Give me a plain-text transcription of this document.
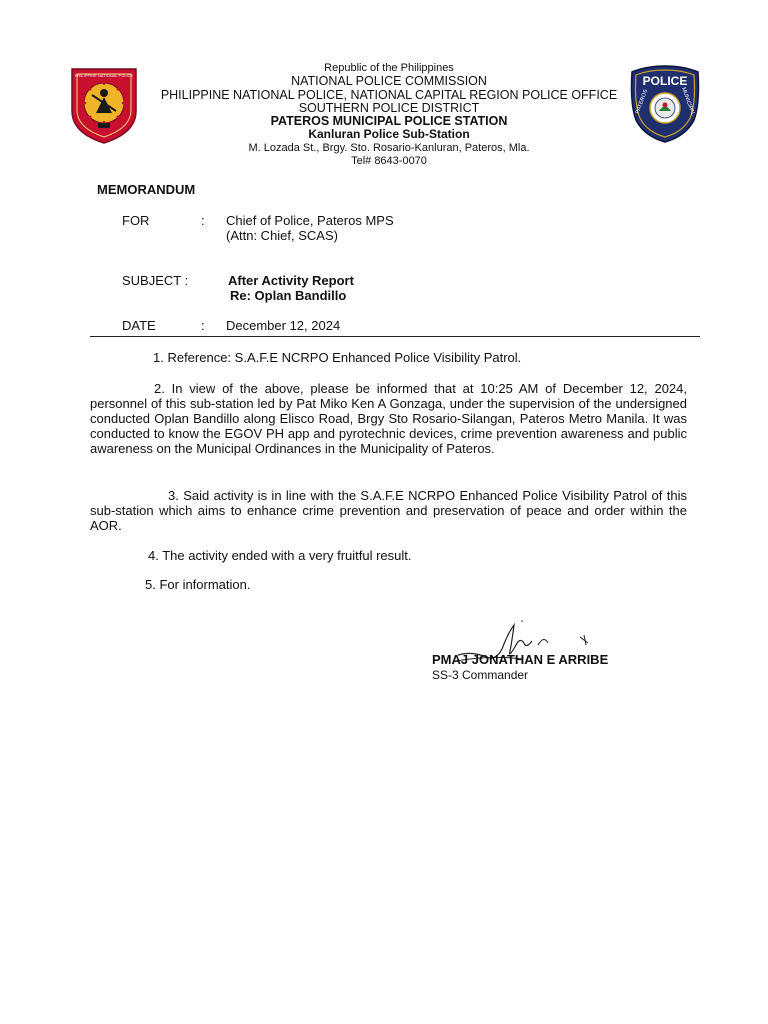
PHILIPPINE NATIONAL POLICE
Republic of the Philippines
NATIONAL POLICE COMMISSION
PHILIPPINE NATIONAL POLICE, NATIONAL CAPITAL REGION POLICE OFFICE
SOUTHERN POLICE DISTRICT
PATEROS MUNICIPAL POLICE STATION
Kanluran Police Sub-Station
M. Lozada St., Brgy. Sto. Rosario-Kanluran, Pateros, Mla.
Tel# 8643-0070
POLICE
PATEROS	MUNICIPAL
MEMORANDUM
FOR	: Chief of Police, Pateros MPS
(Attn: Chief, SCAS)
SUBJECT :	After Activity Report
Re: Oplan Bandillo
DATE	: December 12, 2024
1. Reference: S.A.F.E NCRPO Enhanced Police Visibility Patrol.
2. In view of the above, please be informed that at 10:25 AM of December 12, 2024, personnel of this sub-station led by Pat Miko Ken A Gonzaga, under the supervision of the undersigned conducted Oplan Bandillo along Elisco Road, Brgy Sto Rosario-Silangan, Pateros Metro Manila. It was conducted to know the EGOV PH app and pyrotechnic devices, crime prevention awareness and public awareness on the Municipal Ordinances in the Municipality of Pateros.
3. Said activity is in line with the S.A.F.E NCRPO Enhanced Police Visibility Patrol of this sub-station which aims to enhance crime prevention and preservation of peace and order within the AOR.
4. The activity ended with a very fruitful result.
5. For information.
PMAJ JONATHAN E ARRIBE
SS-3 Commander
